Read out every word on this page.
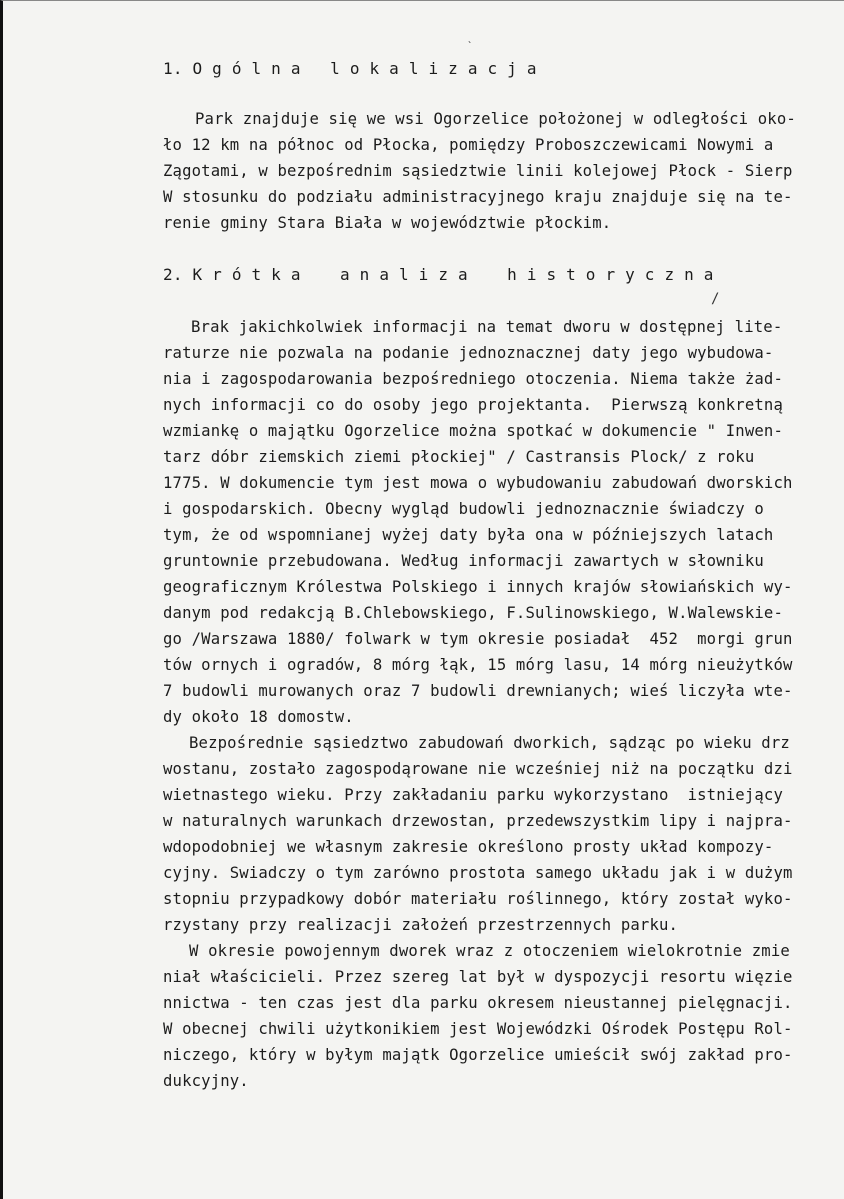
`
1. O g ó l n a   l o k a l i z a c j a
Park znajduje się we wsi Ogorzelice położonej w odległości oko-
ło 12 km na północ od Płocka, pomiędzy Proboszczewicami Nowymi a
Zągotami, w bezpośrednim sąsiedztwie linii kolejowej Płock - Sierp
W stosunku do podziału administracyjnego kraju znajduje się na te-
renie gminy Stara Biała w województwie płockim.
2. K r ó t k a    a n a l i z a    h i s t o r y c z n a
/
Brak jakichkolwiek informacji na temat dworu w dostępnej lite-
raturze nie pozwala na podanie jednoznacznej daty jego wybudowa-
nia i zagospodarowania bezpośredniego otoczenia. Niema także żad-
nych informacji co do osoby jego projektanta.  Pierwszą konkretną
wzmiankę o majątku Ogorzelice można spotkać w dokumencie " Inwen-
tarz dóbr ziemskich ziemi płockiej" / Castransis Plock/ z roku
1775. W dokumencie tym jest mowa o wybudowaniu zabudowań dworskich
i gospodarskich. Obecny wygląd budowli jednoznacznie świadczy o
tym, że od wspomnianej wyżej daty była ona w późniejszych latach
gruntownie przebudowana. Według informacji zawartych w słowniku
geograficznym Królestwa Polskiego i innych krajów słowiańskich wy-
danym pod redakcją B.Chlebowskiego, F.Sulinowskiego, W.Walewskie-
go /Warszawa 1880/ folwark w tym okresie posiadał  452  morgi grun
tów ornych i ogradów, 8 mórg łąk, 15 mórg lasu, 14 mórg nieużytków
7 budowli murowanych oraz 7 budowli drewnianych; wieś liczyła wte-
dy około 18 domostw.
Bezpośrednie sąsiedztwo zabudowań dworkich, sądząc po wieku drz
wostanu, zostało zagospodąrowane nie wcześniej niż na początku dzi
wietnastego wieku. Przy zakładaniu parku wykorzystano  istniejący
w naturalnych warunkach drzewostan, przedewszystkim lipy i najpra-
wdopodobniej we własnym zakresie określono prosty układ kompozy-
cyjny. Swiadczy o tym zarówno prostota samego układu jak i w dużym
stopniu przypadkowy dobór materiału roślinnego, który został wyko-
rzystany przy realizacji założeń przestrzennych parku.
W okresie powojennym dworek wraz z otoczeniem wielokrotnie zmie
niał właścicieli. Przez szereg lat był w dyspozycji resortu więzie
nnictwa - ten czas jest dla parku okresem nieustannej pielęgnacji.
W obecnej chwili użytkonikiem jest Wojewódzki Ośrodek Postępu Rol-
niczego, który w byłym majątk Ogorzelice umieścił swój zakład pro-
dukcyjny.
